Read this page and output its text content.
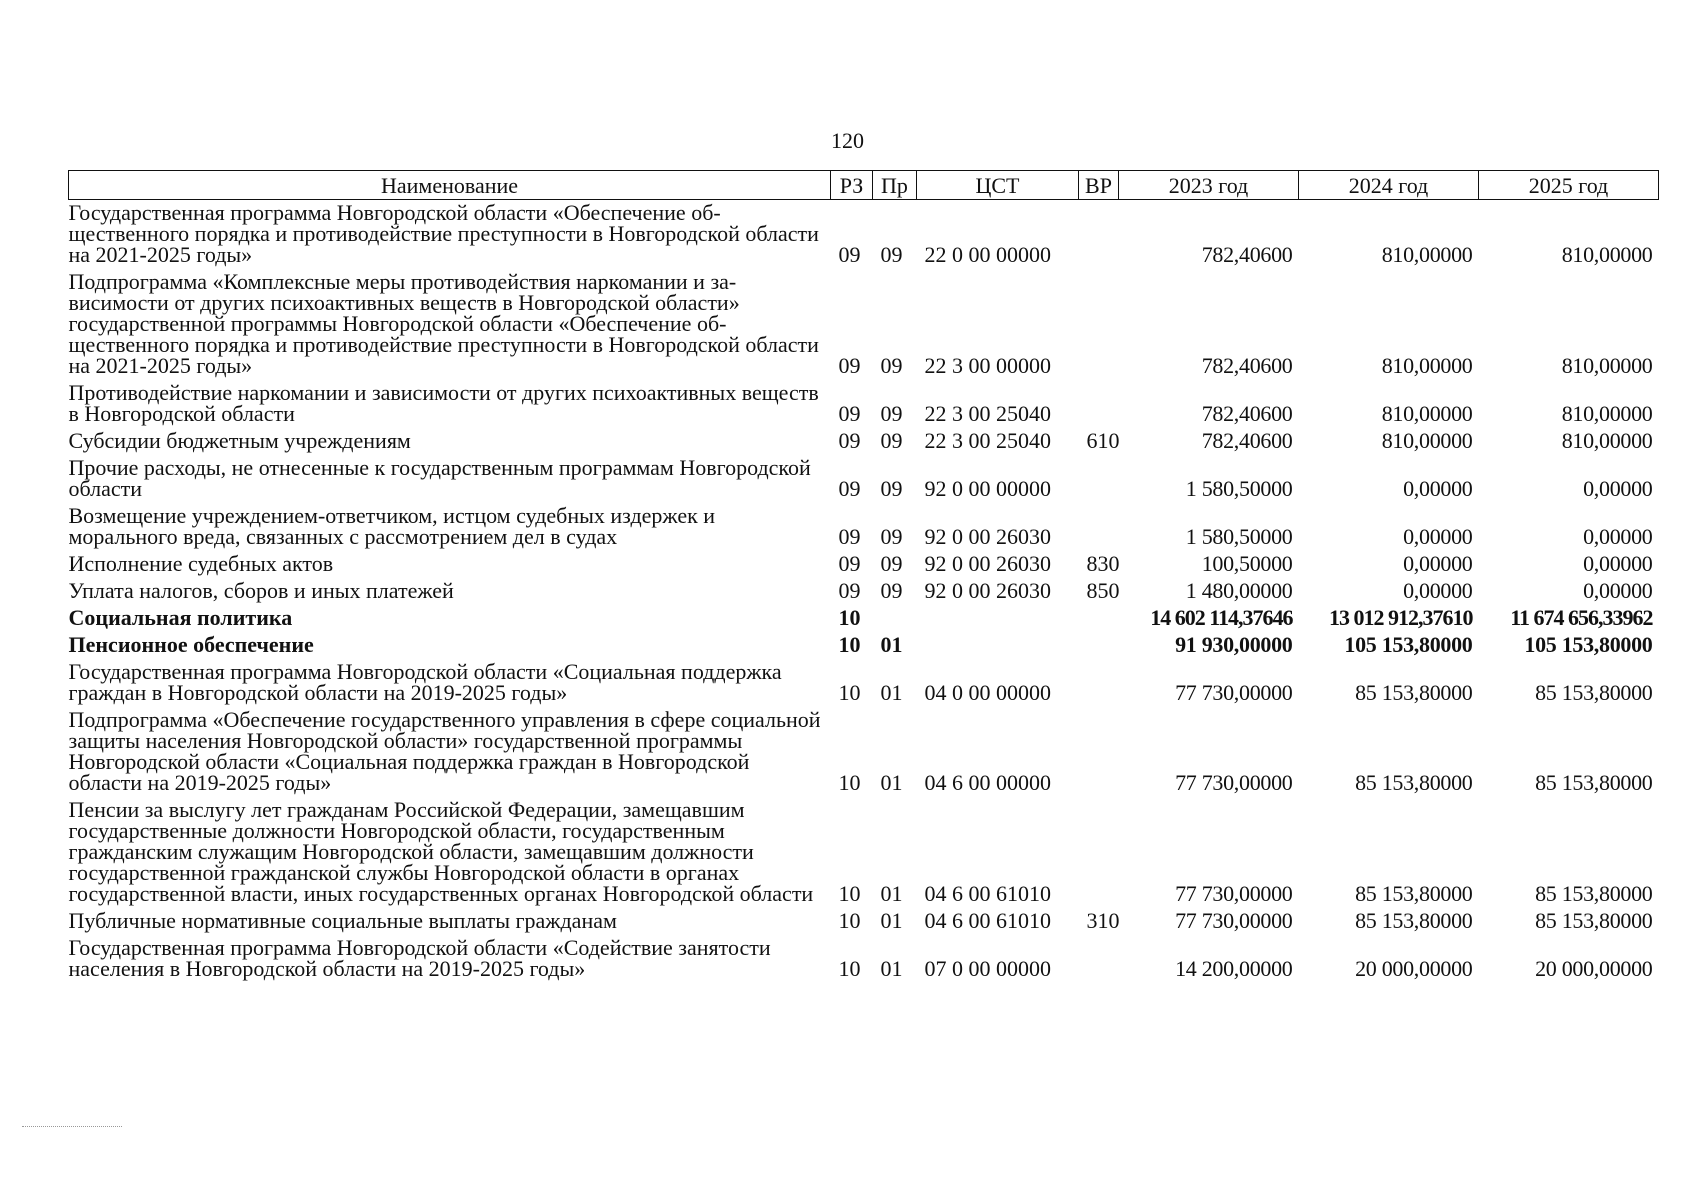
120
Наименование	РЗ	Пр	ЦСТ	ВР	2023 год	2024 год	2025 год
Государственная программа Новгородской области «Обеспечение общественного порядка и противодействие преступности в Новгородской области на 2021-2025 годы»	09	09	22 0 00 00000		782,40600	810,00000	810,00000
Подпрограмма «Комплексные меры противодействия наркомании и зависимости от других психоактивных веществ в Новгородской области» государственной программы Новгородской области «Обеспечение общественного порядка и противодействие преступности в Новгородской области на 2021-2025 годы»	09	09	22 3 00 00000		782,40600	810,00000	810,00000
Противодействие наркомании и зависимости от других психоактивных веществ в Новгородской области	09	09	22 3 00 25040		782,40600	810,00000	810,00000
Субсидии бюджетным учреждениям	09	09	22 3 00 25040	610	782,40600	810,00000	810,00000
Прочие расходы, не отнесенные к государственным программам Новгородской области	09	09	92 0 00 00000		1 580,50000	0,00000	0,00000
Возмещение учреждением-ответчиком, истцом судебных издержек и морального вреда, связанных с рассмотрением дел в судах	09	09	92 0 00 26030		1 580,50000	0,00000	0,00000
Исполнение судебных актов	09	09	92 0 00 26030	830	100,50000	0,00000	0,00000
Уплата налогов, сборов и иных платежей	09	09	92 0 00 26030	850	1 480,00000	0,00000	0,00000
Социальная политика	10				14 602 114,37646	13 012 912,37610	11 674 656,33962
Пенсионное обеспечение	10	01			91 930,00000	105 153,80000	105 153,80000
Государственная программа Новгородской области «Социальная поддержка граждан в Новгородской области на 2019-2025 годы»	10	01	04 0 00 00000		77 730,00000	85 153,80000	85 153,80000
Подпрограмма «Обеспечение государственного управления в сфере социальной защиты населения Новгородской области» государственной программы Новгородской области «Социальная поддержка граждан в Новгородской области на 2019-2025 годы»	10	01	04 6 00 00000		77 730,00000	85 153,80000	85 153,80000
Пенсии за выслугу лет гражданам Российской Федерации, замещавшим государственные должности Новгородской области, государственным гражданским служащим Новгородской области, замещавшим должности государственной гражданской службы Новгородской области в органах государственной власти, иных государственных органах Новгородской области	10	01	04 6 00 61010		77 730,00000	85 153,80000	85 153,80000
Публичные нормативные социальные выплаты гражданам	10	01	04 6 00 61010	310	77 730,00000	85 153,80000	85 153,80000
Государственная программа Новгородской области «Содействие занятости населения в Новгородской области на 2019-2025 годы»	10	01	07 0 00 00000		14 200,00000	20 000,00000	20 000,00000
